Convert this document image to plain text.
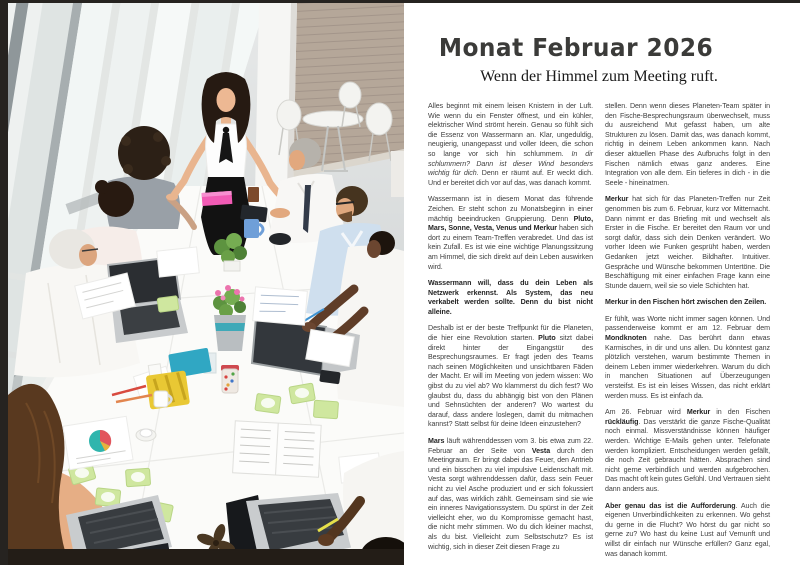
Monat Februar 2026
Wenn der Himmel zum Meeting ruft.

Alles beginnt mit einem leisen Knistern in der Luft. Wie wenn du ein Fenster öffnest, und ein kühler, elektrischer Wind strömt herein. Genau so fühlt sich die Essenz von Wassermann an. Klar, ungeduldig, neugierig, unangepasst und voller Ideen, die schon so lange vor sich hin schlummern. In dir schlummern? Dann ist dieser Wind besonders wichtig für dich. Denn er räumt auf. Er weckt dich. Und er bereitet dich vor auf das, was danach kommt.

Wassermann ist in diesem Monat das führende Zeichen. Er steht schon zu Monatsbeginn in einer mächtig beeindrucken Gruppierung. Denn Pluto, Mars, Sonne, Vesta, Venus und Merkur haben sich dort zu einem Team-Treffen verabredet. Und das ist kein Zufall. Es ist wie eine wichtige Planungssitzung am Himmel, die sich direkt auf dein Leben auswirken wird.

Wassermann will, dass du dein Leben als Netzwerk erkennst. Als System, das neu verkabelt werden sollte. Denn du bist nicht alleine.

Deshalb ist er der beste Treffpunkt für die Planeten, die hier eine Revolution starten. Pluto sitzt dabei direkt hinter der Eingangstür des Besprechungsraumes. Er fragt jeden des Teams nach seinen Möglichkeiten und unsichtbaren Fäden der Macht. Er will im Meeting von jedem wissen: Wo gibst du zu viel ab? Wo klammerst du dich fest? Wo glaubst du, dass du abhängig bist von den Plänen und Sehnsüchten der anderen? Wo wartest du darauf, dass andere loslegen, damit du mitmachen kannst? Statt selbst für deine Ideen einzustehen?

Mars läuft währenddessen vom 3. bis etwa zum 22. Februar an der Seite von Vesta durch den Meetingraum. Er bringt dabei das Feuer, den Antrieb und ein bisschen zu viel impulsive Leidenschaft mit. Vesta sorgt währenddessen dafür, dass sein Feuer nicht zu viel Asche produziert und er sich fokussiert auf das, was wirklich zählt. Gemeinsam sind sie wie ein inneres Navigationssystem. Du spürst in der Zeit vielleicht eher, wo du Kompromisse gemacht hast, die nicht mehr stimmen. Wo du dich kleiner machst, als du bist. Vielleicht zum Selbstschutz? Es ist wichtig, sich in dieser Zeit diesen Frage zu

stellen. Denn wenn dieses Planeten-Team später in den Fische-Besprechungsraum überwechselt, muss du ausreichend Mut gefasst haben, um alte Strukturen zu lösen. Damit das, was danach kommt, richtig in deinem Leben ankommen kann. Nach dieser aktuellen Phase des Aufbruchs folgt in den Fischen nämlich etwas ganz anderes. Eine Integration von alle dem. Ein tieferes in dich - in die Seele - hineinatmen.

Merkur hat sich für das Planeten-Treffen nur Zeit genommen bis zum 6. Februar, kurz vor Mitternacht. Dann nimmt er das Briefing mit und wechselt als Erster in die Fische. Er bereitet den Raum vor und sorgt dafür, dass sich dein Denken verändert. Wo vorher Ideen wie Funken gesprüht haben, werden Gedanken jetzt weicher. Bildhafter. Intuitiver. Gespräche und Wünsche bekommen Untertöne. Die Beschäftigung mit einer einfachen Frage kann eine Stunde dauern, weil sie so viele Schichten hat.

Merkur in den Fischen hört zwischen den Zeilen.

Er fühlt, was Worte nicht immer sagen können. Und passenderweise kommt er am 12. Februar dem Mondknoten nahe. Das berührt dann etwas Karmisches, in dir und uns allen. Du könntest ganz plötzlich verstehen, warum bestimmte Themen in deinem Leben immer wiederkehren. Warum du dich in manchen Situationen auf Überzeugungen versteifst. Es ist ein leises Wissen, das nicht erklärt werden muss. Es ist einfach da.

Am 26. Februar wird Merkur in den Fischen rückläufig. Das verstärkt die ganze Fische-Qualität noch einmal. Missverständnisse können häufiger werden. Wichtige E-Mails gehen unter. Telefonate werden kompliziert. Entscheidungen werden gefällt, die noch Zeit gebraucht hätten. Absprachen sind nicht gerne verbindlich und werden aufgebrochen. Das macht oft kein gutes Gefühl. Und Vertrauen sieht dann anders aus.

Aber genau das ist die Aufforderung. Auch die eigenen Unverbindlichkeiten zu erkennen. Wo gehst du gerne in die Flucht? Wo hörst du gar nicht so gerne zu? Wo hast du keine Lust auf Vernunft und willst dir einfach nur Wünsche erfüllen? Ganz egal, was danach kommt.
